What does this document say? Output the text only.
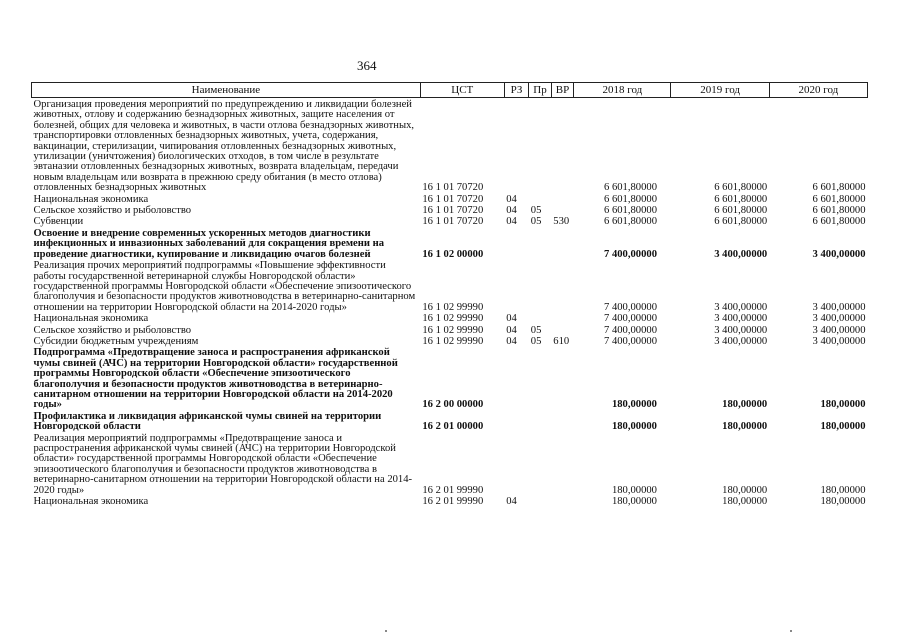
364
Наименование	ЦСТ	РЗ	Пр	ВР	2018 год	2019 год	2020 год
Организация проведения мероприятий по предупреждению и ликвидации болезней животных, отлову и содержанию безнадзорных животных, защите населения от болезней, общих для человека и животных, в части отлова безнадзорных животных, транспортировки отловленных безнадзорных животных, учета, содержания, вакцинации, стерилизации, чипирования отловленных безнадзорных животных, утилизации (уничтожения) биологических отходов, в том числе в результате эвтаназии отловленных безнадзорных животных, возврата владельцам, передачи новым владельцам или возврата в прежнюю среду обитания (в место отлова) отловленных безнадзорных животных	16 1 01 70720				6 601,80000	6 601,80000	6 601,80000
Национальная экономика	16 1 01 70720	04			6 601,80000	6 601,80000	6 601,80000
Сельское хозяйство и рыболовство	16 1 01 70720	04	05		6 601,80000	6 601,80000	6 601,80000
Субвенции	16 1 01 70720	04	05	530	6 601,80000	6 601,80000	6 601,80000
Освоение и внедрение современных ускоренных методов диагностики инфекционных и инвазионных заболеваний для сокращения времени на проведение диагностики, купирование и ликвидацию очагов болезней	16 1 02 00000				7 400,00000	3 400,00000	3 400,00000
Реализация прочих мероприятий подпрограммы «Повышение эффективности работы государственной ветеринарной службы Новгородской области» государственной программы Новгородской области «Обеспечение эпизоотического благополучия и безопасности продуктов животноводства в ветеринарно-санитарном отношении на территории Новгородской области на 2014-2020 годы»	16 1 02 99990				7 400,00000	3 400,00000	3 400,00000
Национальная экономика	16 1 02 99990	04			7 400,00000	3 400,00000	3 400,00000
Сельское хозяйство и рыболовство	16 1 02 99990	04	05		7 400,00000	3 400,00000	3 400,00000
Субсидии бюджетным учреждениям	16 1 02 99990	04	05	610	7 400,00000	3 400,00000	3 400,00000
Подпрограмма «Предотвращение заноса и распространения африканской чумы свиней (АЧС) на территории Новгородской области» государственной программы Новгородской области «Обеспечение эпизоотического благополучия и безопасности продуктов животноводства в ветеринарно-санитарном отношении на территории Новгородской области на 2014-2020 годы»	16 2 00 00000				180,00000	180,00000	180,00000
Профилактика и ликвидация африканской чумы свиней на территории Новгородской области	16 2 01 00000				180,00000	180,00000	180,00000
Реализация мероприятий подпрограммы «Предотвращение заноса и распространения африканской чумы свиней (АЧС) на территории Новгородской области» государственной программы Новгородской области «Обеспечение эпизоотического благополучия и безопасности продуктов животноводства в ветеринарно-санитарном отношении на территории Новгородской области на 2014-2020 годы»	16 2 01 99990				180,00000	180,00000	180,00000
Национальная экономика	16 2 01 99990	04			180,00000	180,00000	180,00000
